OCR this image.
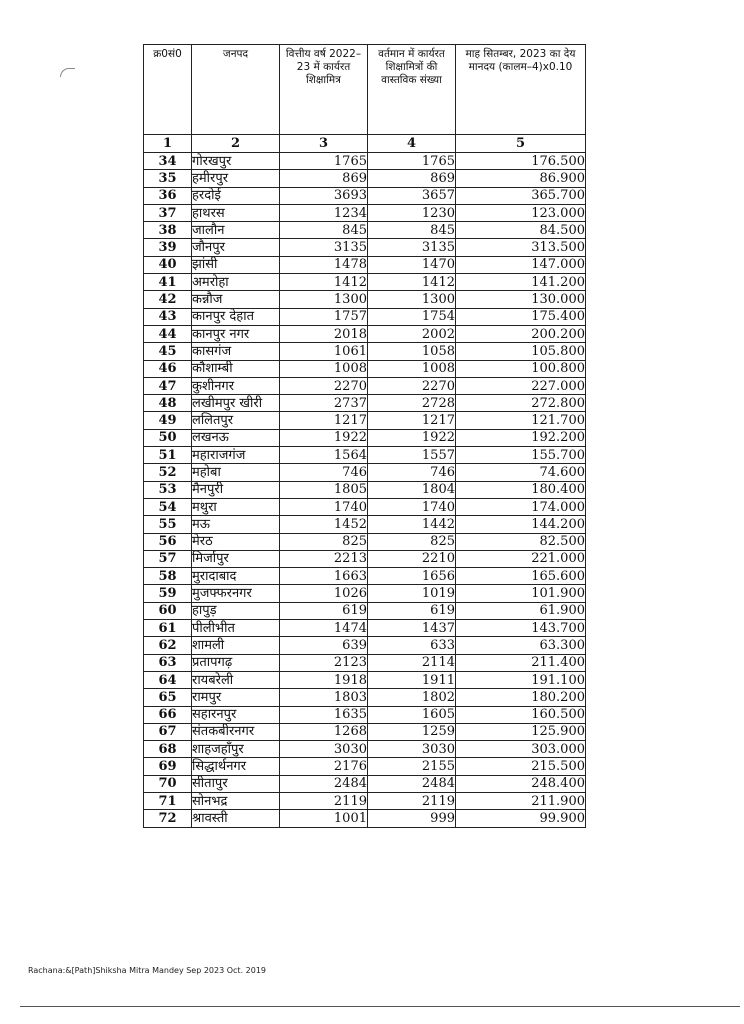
क्र0सं0	जनपद	वित्तीय वर्ष 2022–23 में कार्यरत शिक्षामित्र	वर्तमान में कार्यरत शिक्षामित्रों की वास्तविक संख्या	माह सितम्बर, 2023 का देय मानदय (कालम–4)x0.10
1	2	3	4	5
34	गोरखपुर	1765	1765	176.500
35	हमीरपुर	869	869	86.900
36	हरदोई	3693	3657	365.700
37	हाथरस	1234	1230	123.000
38	जालौन	845	845	84.500
39	जौनपुर	3135	3135	313.500
40	झांसी	1478	1470	147.000
41	अमरोहा	1412	1412	141.200
42	कन्नौज	1300	1300	130.000
43	कानपुर देहात	1757	1754	175.400
44	कानपुर नगर	2018	2002	200.200
45	कासगंज	1061	1058	105.800
46	कौशाम्बी	1008	1008	100.800
47	कुशीनगर	2270	2270	227.000
48	लखीमपुर खीरी	2737	2728	272.800
49	ललितपुर	1217	1217	121.700
50	लखनऊ	1922	1922	192.200
51	महाराजगंज	1564	1557	155.700
52	महोबा	746	746	74.600
53	मैनपुरी	1805	1804	180.400
54	मथुरा	1740	1740	174.000
55	मऊ	1452	1442	144.200
56	मेरठ	825	825	82.500
57	मिर्जापुर	2213	2210	221.000
58	मुरादाबाद	1663	1656	165.600
59	मुजफ्फरनगर	1026	1019	101.900
60	हापुड़	619	619	61.900
61	पीलीभीत	1474	1437	143.700
62	शामली	639	633	63.300
63	प्रतापगढ़	2123	2114	211.400
64	रायबरेली	1918	1911	191.100
65	रामपुर	1803	1802	180.200
66	सहारनपुर	1635	1605	160.500
67	संतकबीरनगर	1268	1259	125.900
68	शाहजहाँपुर	3030	3030	303.000
69	सिद्धार्थनगर	2176	2155	215.500
70	सीतापुर	2484	2484	248.400
71	सोनभद्र	2119	2119	211.900
72	श्रावस्ती	1001	999	99.900
Rachana:&[Path]Shiksha Mitra Mandey Sep 2023 Oct. 2019
